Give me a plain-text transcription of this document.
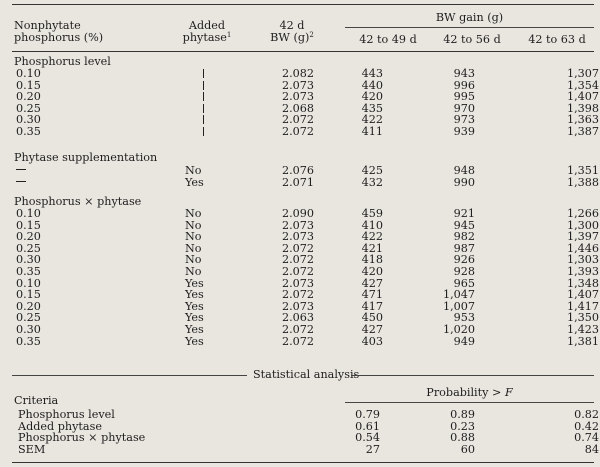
Nonphytate
phosphorus (%)
Added
phytase$^1$
42 d
BW $(g)^2$
BW gain (g)
42 to 49 d	42 to 56 d	42 to 63 d
Phosphorus level
0.10
0.15
0.20
0.25
0.30
0.35
2.082
2.073
2.073
2.068
2.072
2.072
443
440
420
435
422
411
943
996
995
970
973
939
1,307
1,354
1,407
1,398
1,363
1,387
Phytase supplementation
No
Yes
2.076
2.071
425
432
948
990
1,351
1,388
Phosphorus × phytase
0.10
0.15
0.20
0.25
0.30
0.35
0.10
0.15
0.20
0.25
0.30
0.35
No
No
No
No
No
No
Yes
Yes
Yes
Yes
Yes
Yes
2.090
2.073
2.073
2.072
2.072
2.072
2.073
2.072
2.073
2.063
2.072
2.072
459
410
422
421
418
420
427
471
417
450
427
403
921
945
982
987
926
928
965
1,047
1,007
953
1,020
949
1,266
1,300
1,397
1,446
1,303
1,393
1,348
1,407
1,417
1,350
1,423
1,381
Statistical analysis
Criteria
Probability > F
Phosphorus level
Added phytase
Phosphorus × phytase
SEM
0.79
0.61
0.54
27
0.89
0.23
0.88
60
0.82
0.42
0.74
84
